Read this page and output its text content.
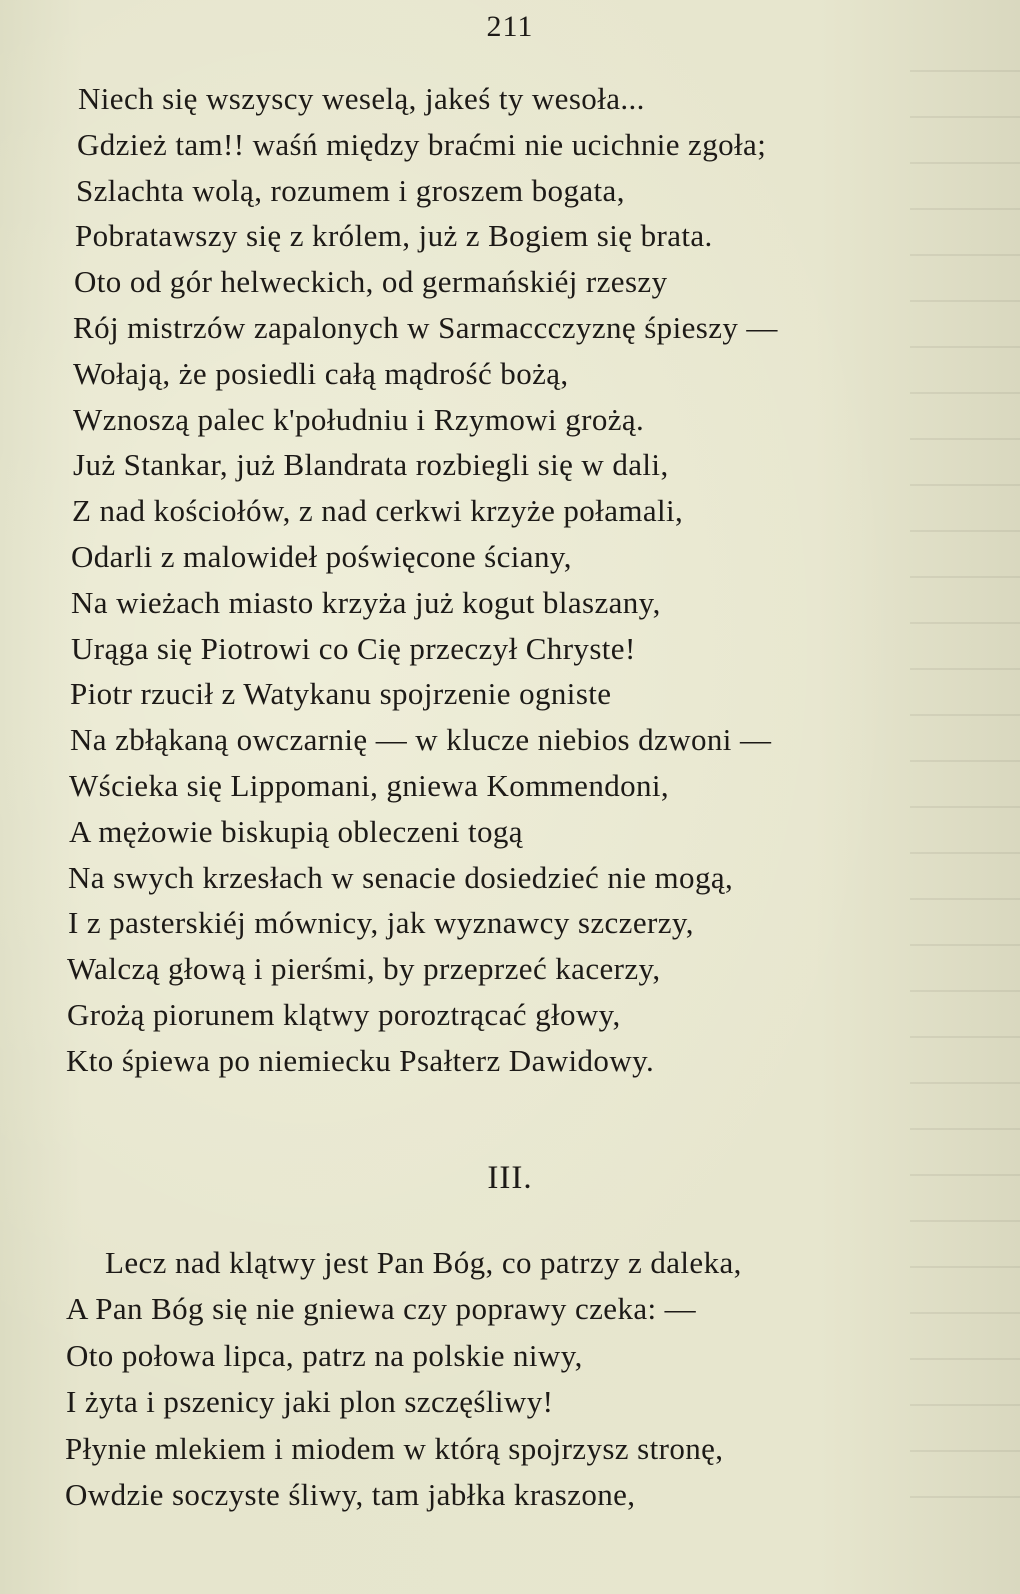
211
Niech się wszyscy weselą, jakeś ty wesoła...
Gdzież tam!! waśń między braćmi nie ucichnie zgoła;
Szlachta wolą, rozumem i groszem bogata,
Pobratawszy się z królem, już z Bogiem się brata.
Oto od gór helweckich, od germańskiéj rzeszy
Rój mistrzów zapalonych w Sarmaccczyznę śpieszy —
Wołają, że posiedli całą mądrość bożą,
Wznoszą palec k'południu i Rzymowi grożą.
Już Stankar, już Blandrata rozbiegli się w dali,
Z nad kościołów, z nad cerkwi krzyże połamali,
Odarli z malowideł poświęcone ściany,
Na wieżach miasto krzyża już kogut blaszany,
Urąga się Piotrowi co Cię przeczył Chryste!
Piotr rzucił z Watykanu spojrzenie ogniste
Na zbłąkaną owczarnię — w klucze niebios dzwoni —
Wścieka się Lippomani, gniewa Kommendoni,
A mężowie biskupią obleczeni togą
Na swych krzesłach w senacie dosiedzieć nie mogą,
I z pasterskiéj mównicy, jak wyznawcy szczerzy,
Walczą głową i pierśmi, by przeprzeć kacerzy,
Grożą piorunem klątwy poroztrącać głowy,
Kto śpiewa po niemiecku Psałterz Dawidowy.
III.
Lecz nad klątwy jest Pan Bóg, co patrzy z daleka,
A Pan Bóg się nie gniewa czy poprawy czeka: —
Oto połowa lipca, patrz na polskie niwy,
I żyta i pszenicy jaki plon szczęśliwy!
Płynie mlekiem i miodem w którą spojrzysz stronę,
Owdzie soczyste śliwy, tam jabłka kraszone,
